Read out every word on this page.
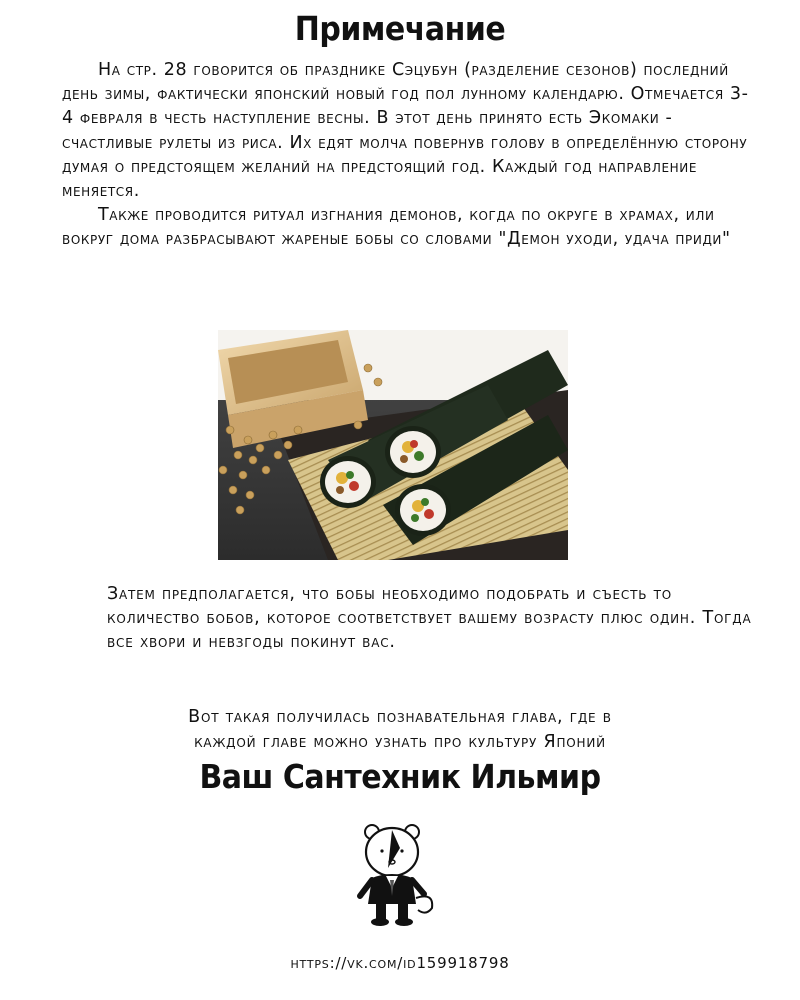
Примечание

На стр. 28 говорится об празднике Сэцубун (разделение сезонов) последний день зимы, фактически японский новый год пол лунному календарю. Отмечается 3-4 февраля в честь наступление весны. В этот день принято есть Экомаки - счастливые рулеты из риса. Их едят молча повернув голову в определённую сторону думая о предстоящем желаний на предстоящий год. Каждый год направление меняется.

Также проводится ритуал изгнания демонов, когда по округе в храмах, или вокруг дома разбрасывают жареные бобы со словами "Демон уходи, удача приди"

Затем предполагается, что бобы необходимо подобрать и съесть то количество бобов, которое соответствует вашему возрасту плюс один. Тогда все хвори и невзгоды покинут вас.
Вот такая получилась познавательная глава, где в
каждой главе можно узнать про культуру Японий
Ваш Сантехник Ильмир
https://vk.com/id159918798
